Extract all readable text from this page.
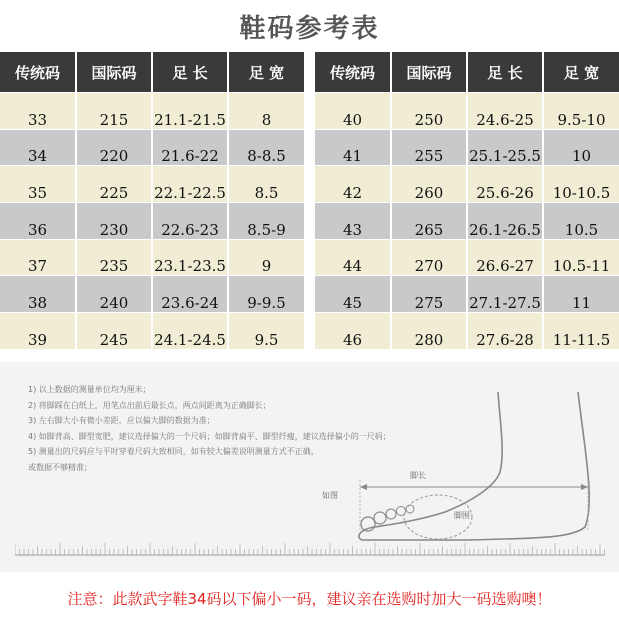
鞋码参考表
传统码	国际码	足 长	足 宽
33	215	21.1-21.5	8
34	220	21.6-22	8-8.5
35	225	22.1-22.5	8.5
36	230	22.6-23	8.5-9
37	235	23.1-23.5	9
38	240	23.6-24	9-9.5
39	245	24.1-24.5	9.5
传统码	国际码	足 长	足 宽
40	250	24.6-25	9.5-10
41	255	25.1-25.5	10
42	260	25.6-26	10-10.5
43	265	26.1-26.5	10.5
44	270	26.6-27	10.5-11
45	275	27.1-27.5	11
46	280	27.6-28	11-11.5
1) 以上数据的测量单位均为厘米；
2) 将脚踩在白纸上，用笔点出前后最长点，两点间距离为正确脚长；
3) 左右脚大小有微小差距，应以偏大脚的数据为准；
4) 如脚背高、脚型宽肥，建议选择偏大的一个尺码；如脚背扁平、脚型纤瘦，建议选择偏小的一尺码；
5) 测量出的尺码应与平时穿着尺码大致相同，如有较大偏差说明测量方式不正确，
或数据不够精准；
脚长
脚围
如图
注意：此款武字鞋34码以下偏小一码，建议亲在选购时加大一码选购噢！
